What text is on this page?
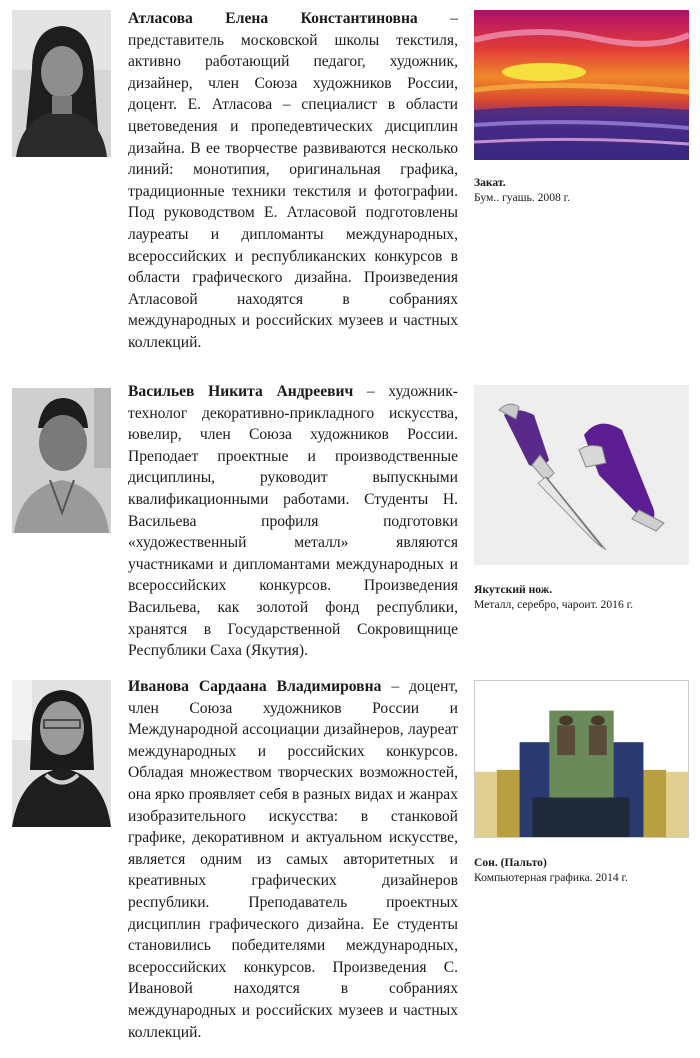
Атласова Елена Константиновна – представитель московской школы текстиля, активно работающий педагог, художник, дизайнер, член Союза художников России, доцент. Е. Атласова – специалист в области цветоведения и пропедевтических дисциплин дизайна. В ее творчестве развиваются несколько линий: монотипия, оригинальная графика, традиционные техники текстиля и фотографии. Под руководством Е. Атласовой подготовлены лауреаты и дипломанты международных, всероссийских и республиканских конкурсов в области графического дизайна. Произведения Атласовой находятся в собраниях международных и российских музеев и частных коллекций.
Закат.
Бум.. гуашь. 2008 г.
Васильев Никита Андреевич – художник-технолог декоративно-прикладного искусства, ювелир, член Союза художников России. Преподает проектные и производственные дисциплины, руководит выпускными квалификационными работами. Студенты Н. Васильева профиля подготовки «художественный металл» являются участниками и дипломантами международных и всероссийских конкурсов. Произведения Васильева, как золотой фонд республики, хранятся в Государственной Сокровищнице Республики Саха (Якутия).
Якутский нож.
Металл, серебро, чароит. 2016 г.
Иванова Сардаана Владимировна – доцент, член Союза художников России и Международной ассоциации дизайнеров, лауреат международных и российских конкурсов. Обладая множеством творческих возможностей, она ярко проявляет себя в разных видах и жанрах изобразительного искусства: в станковой графике, декоративном и актуальном искусстве, является одним из самых авторитетных и креативных графических дизайнеров республики. Преподаватель проектных дисциплин графического дизайна. Ее студенты становились победителями международных, всероссийских конкурсов. Произведения С. Ивановой находятся в собраниях международных и российских музеев и частных коллекций.
Сон. (Пальто)
Компьютерная графика. 2014 г.
